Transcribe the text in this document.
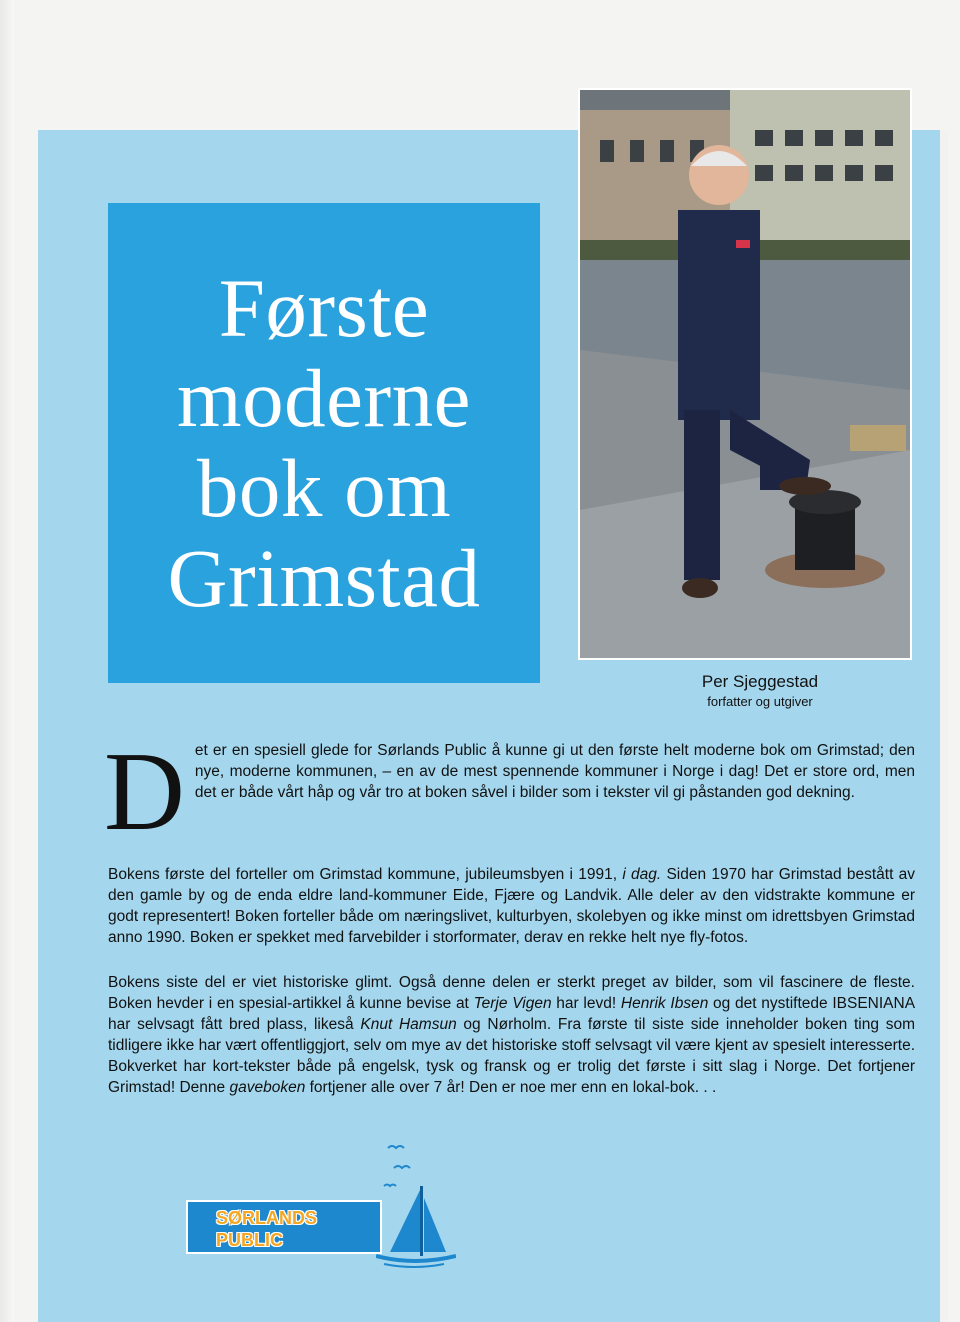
Første
moderne
bok om
Grimstad
Per Sjeggestad
forfatter og utgiver

Det er en spesiell glede for Sørlands Public å kunne gi ut den første helt moderne bok om Grimstad; den nye, moderne kommunen, – en av de mest spennende kommuner i Norge i dag! Det er store ord, men det er både vårt håp og vår tro at boken såvel i bilder som i tekster vil gi påstanden god dekning.

Bokens første del forteller om Grimstad kommune, jubileumsbyen i 1991, i dag. Siden 1970 har Grimstad bestått av den gamle by og de enda eldre land-kommuner Eide, Fjære og Landvik. Alle deler av den vidstrakte kommune er godt representert! Boken forteller både om næringslivet, kulturbyen, skolebyen og ikke minst om idrettsbyen Grimstad anno 1990. Boken er spekket med farvebilder i storformater, derav en rekke helt nye fly-fotos.

Bokens siste del er viet historiske glimt. Også denne delen er sterkt preget av bilder, som vil fascinere de fleste. Boken hevder i en spesial-artikkel å kunne bevise at Terje Vigen har levd! Henrik Ibsen og det nystiftede IBSENIANA har selvsagt fått bred plass, likeså Knut Hamsun og Nørholm. Fra første til siste side inneholder boken ting som tidligere ikke har vært offentliggjort, selv om mye av det historiske stoff selvsagt vil være kjent av spesielt interesserte. Bokverket har kort-tekster både på engelsk, tysk og fransk og er trolig det første i sitt slag i Norge. Det fortjener Grimstad! Denne gaveboken fortjener alle over 7 år! Den er noe mer enn en lokal-bok. . .

SØRLANDS
PUBLIC
